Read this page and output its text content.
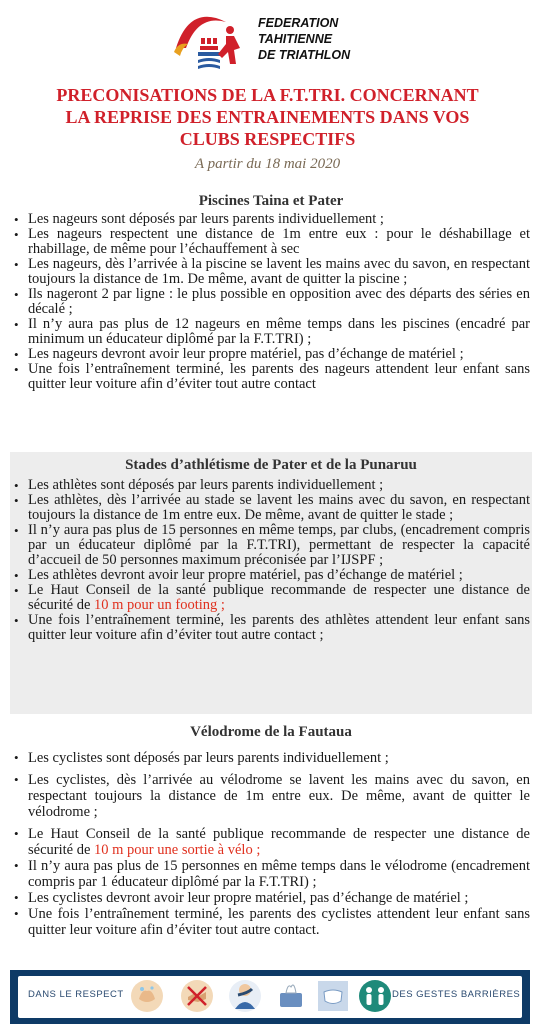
FEDERATION
TAHITIENNE
DE TRIATHLON
PRECONISATIONS DE LA F.T.TRI. CONCERNANT
LA REPRISE DES ENTRAINEMENTS DANS VOS
CLUBS RESPECTIFS
A partir du 18 mai 2020
Piscines Taina et Pater
• Les nageurs sont déposés par leurs parents individuellement ;
• Les nageurs respectent une distance de 1m entre eux : pour le déshabillage et rhabillage, de même pour l’échauffement à sec
• Les nageurs, dès l’arrivée à la piscine se lavent les mains avec du savon, en respectant toujours la distance de 1m. De même, avant de quitter la piscine ;
• Ils nageront 2 par ligne : le plus possible en opposition avec des départs des séries en décalé ;
• Il n’y aura pas plus de 12 nageurs en même temps dans les piscines (encadré par minimum un éducateur diplômé par la F.T.TRI) ;
• Les nageurs devront avoir leur propre matériel, pas d’échange de matériel ;
• Une fois l’entraînement terminé, les parents des nageurs attendent leur enfant sans quitter leur voiture afin d’éviter tout autre contact
Stades d’athlétisme de Pater et de la Punaruu
• Les athlètes sont déposés par leurs parents individuellement ;
• Les athlètes, dès l’arrivée au stade se lavent les mains avec du savon, en respectant toujours la distance de 1m entre eux. De même, avant de quitter le stade ;
• Il n’y aura pas plus de 15 personnes en même temps, par clubs, (encadrement compris par un éducateur diplômé par la F.T.TRI), permettant de respecter la capacité d’accueil de 50 personnes maximum préconisée par l’IJSPF ;
• Les athlètes devront avoir leur propre matériel, pas d’échange de matériel ;
• Le Haut Conseil de la santé publique recommande de respecter une distance de sécurité de 10 m pour un footing ;
• Une fois l’entraînement terminé, les parents des athlètes attendent leur enfant sans quitter leur voiture afin d’éviter tout autre contact ;
Vélodrome de la Fautaua
• Les cyclistes sont déposés par leurs parents individuellement ;
• Les cyclistes, dès l’arrivée au vélodrome se lavent les mains avec du savon, en respectant toujours la distance de 1m entre eux. De même, avant de quitter le vélodrome ;
• Le Haut Conseil de la santé publique recommande de respecter une distance de sécurité de 10 m pour une sortie à vélo ;
• Il n’y aura pas plus de 15 personnes en même temps dans le vélodrome (encadrement compris par 1 éducateur diplômé par la F.T.TRI) ;
• Les cyclistes devront avoir leur propre matériel, pas d’échange de matériel ;
• Une fois l’entraînement terminé, les parents des cyclistes attendent leur enfant sans quitter leur voiture afin d’éviter tout autre contact.
DANS LE RESPECT	DES GESTES BARRIÈRES
